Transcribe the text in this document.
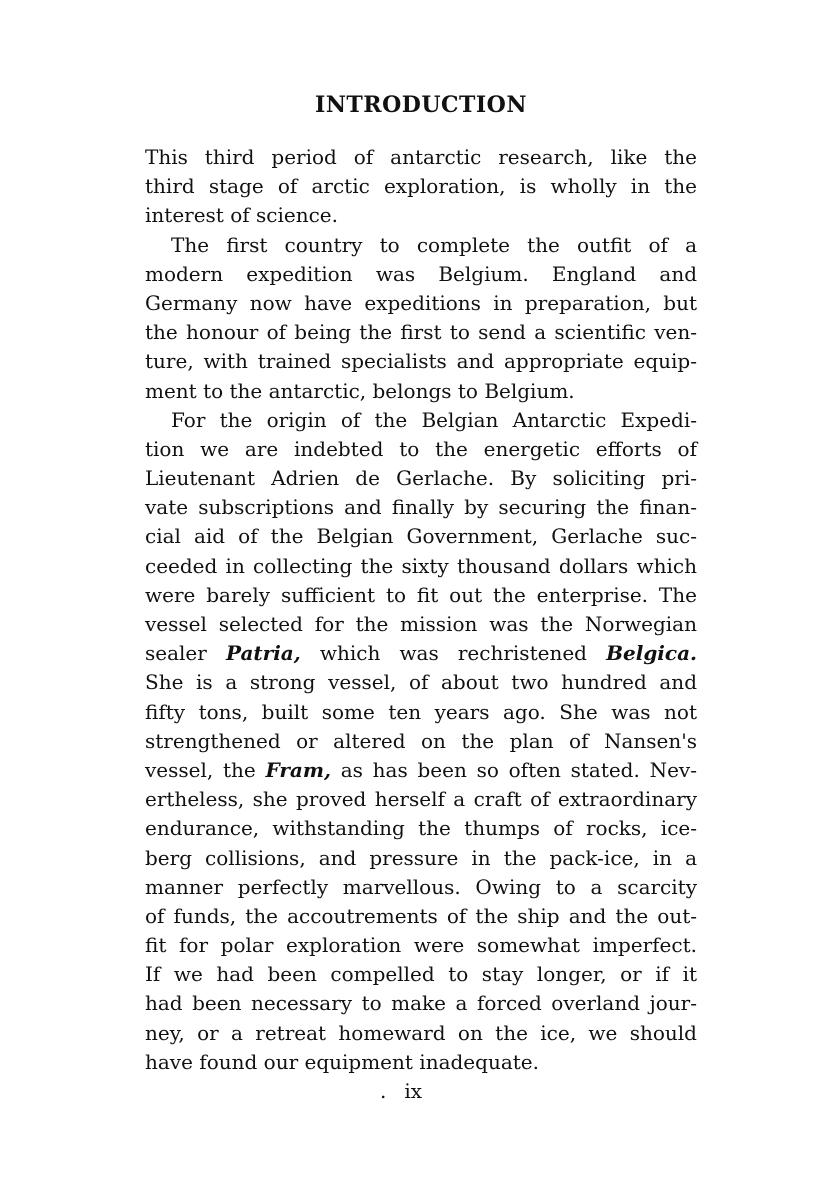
INTRODUCTION
This third period of antarctic research, like the
third stage of arctic exploration, is wholly in the
interest of science.
The first country to complete the outfit of a
modern expedition was Belgium. England and
Germany now have expeditions in preparation, but
the honour of being the first to send a scientific ven-
ture, with trained specialists and appropriate equip-
ment to the antarctic, belongs to Belgium.
For the origin of the Belgian Antarctic Expedi-
tion we are indebted to the energetic efforts of
Lieutenant Adrien de Gerlache. By soliciting pri-
vate subscriptions and finally by securing the finan-
cial aid of the Belgian Government, Gerlache suc-
ceeded in collecting the sixty thousand dollars which
were barely sufficient to fit out the enterprise. The
vessel selected for the mission was the Norwegian
sealer Patria, which was rechristened Belgica.
She is a strong vessel, of about two hundred and
fifty tons, built some ten years ago. She was not
strengthened or altered on the plan of Nansen's
vessel, the Fram, as has been so often stated. Nev-
ertheless, she proved herself a craft of extraordinary
endurance, withstanding the thumps of rocks, ice-
berg collisions, and pressure in the pack-ice, in a
manner perfectly marvellous. Owing to a scarcity
of funds, the accoutrements of the ship and the out-
fit for polar exploration were somewhat imperfect.
If we had been compelled to stay longer, or if it
had been necessary to make a forced overland jour-
ney, or a retreat homeward on the ice, we should
have found our equipment inadequate.
. ix
